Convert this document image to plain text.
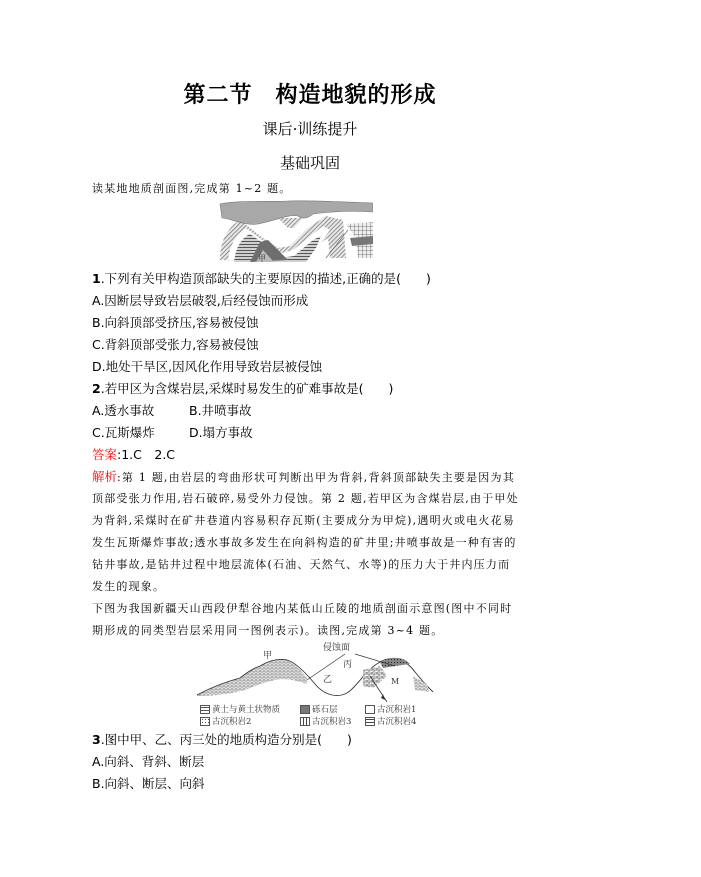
第二节　构造地貌的形成
课后·训练提升
基础巩固
读某地地质剖面图,完成第 1~2 题。
甲
1.下列有关甲构造顶部缺失的主要原因的描述,正确的是(　　)
A.因断层导致岩层破裂,后经侵蚀而形成
B.向斜顶部受挤压,容易被侵蚀
C.背斜顶部受张力,容易被侵蚀
D.地处干旱区,因风化作用导致岩层被侵蚀
2.若甲区为含煤岩层,采煤时易发生的矿难事故是(　　)
A.透水事故	B.井喷事故
C.瓦斯爆炸	D.塌方事故
答案:1.C　2.C
解析:第 1 题,由岩层的弯曲形状可判断出甲为背斜,背斜顶部缺失主要是因为其
顶部受张力作用,岩石破碎,易受外力侵蚀。第 2 题,若甲区为含煤岩层,由于甲处
为背斜,采煤时在矿井巷道内容易积存瓦斯(主要成分为甲烷),遇明火或电火花易
发生瓦斯爆炸事故;透水事故多发生在向斜构造的矿井里;井喷事故是一种有害的
钻井事故,是钻井过程中地层流体(石油、天然气、水等)的压力大于井内压力而
发生的现象。
下图为我国新疆天山西段伊犁谷地内某低山丘陵的地质剖面示意图(图中不同时
期形成的同类型岩层采用同一图例表示)。读图,完成第 3~4 题。
侵蚀面
甲
乙
丙
M
黄土与黄土状物质	砾石层	古沉积岩1
古沉积岩2	古沉积岩3	古沉积岩4
3.图中甲、乙、丙三处的地质构造分别是(　　)
A.向斜、背斜、断层
B.向斜、断层、向斜
